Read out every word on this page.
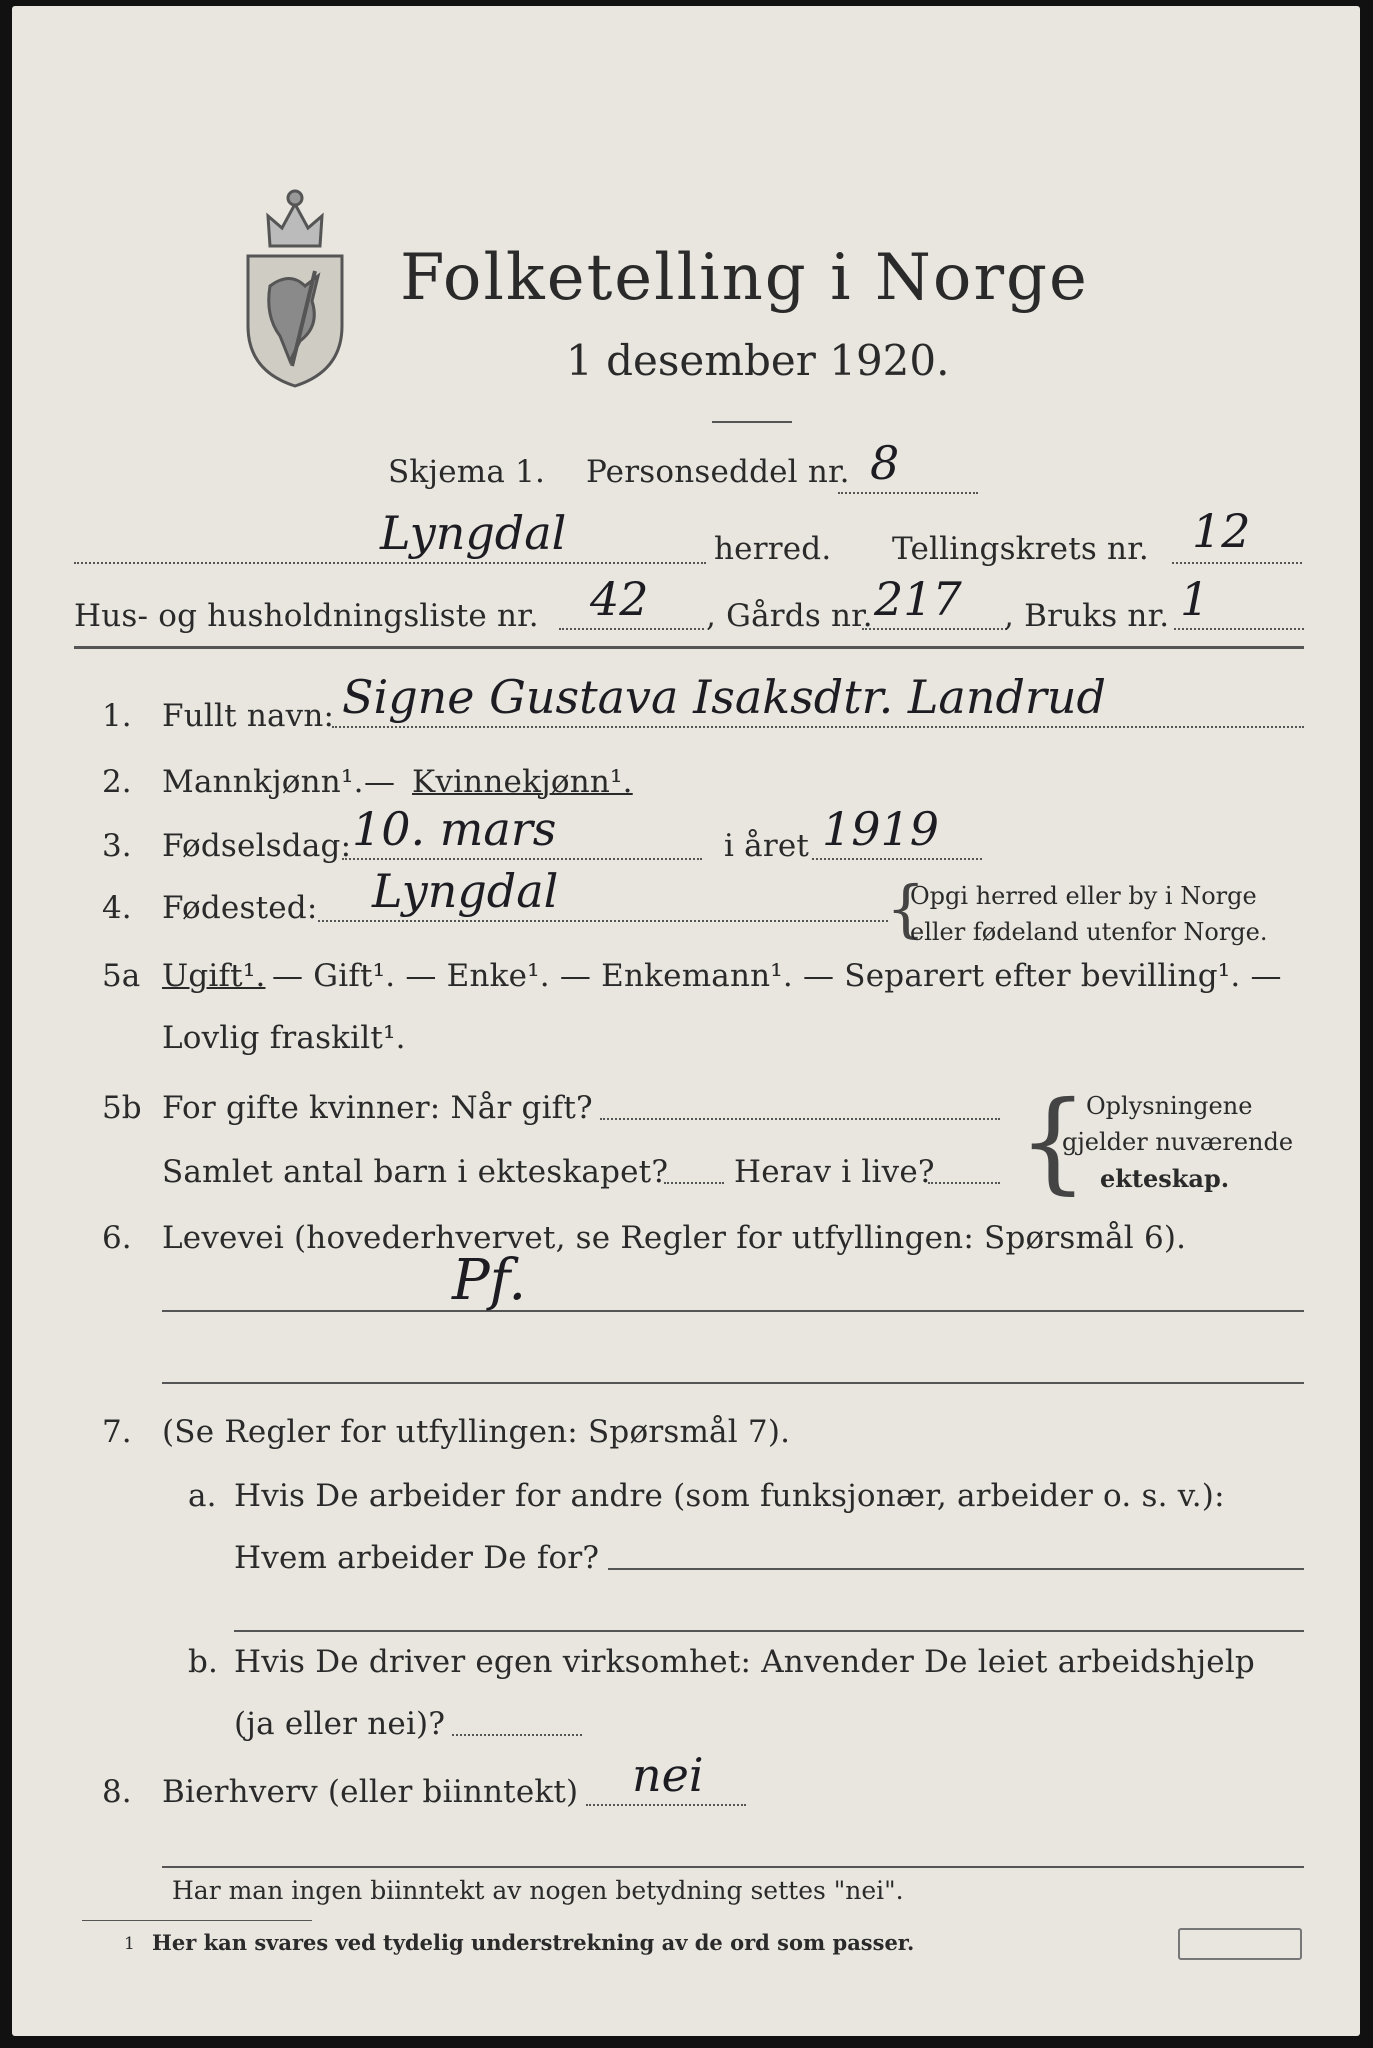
Folketelling i Norge
1 desember 1920.
Skjema 1. Personseddel nr. 8
Lyngdal	herred. Tellingskrets nr. 12
Hus- og husholdningsliste nr. 42 , Gårds nr. 217 , Bruks nr. 1
1. Fullt navn: Signe Gustava Isaksdtr. Landrud
2. Mannkjønn¹. — Kvinnekjønn¹.
3. Fødselsdag: 10. mars	i året 1919
4. Fødested: Lyngdal	{
Opgi herred eller by i Norge
eller fødeland utenfor Norge.
5a Ugift¹. — Gift¹. — Enke¹. — Enkemann¹. — Separert efter bevilling¹. —
Lovlig fraskilt¹.
5b For gifte kvinner: Når gift?
Samlet antal barn i ekteskapet? Herav i live? {
Oplysningene
gjelder nuværende
ekteskap.
6. Levevei (hovederhvervet, se Regler for utfyllingen: Spørsmål 6).
Pf.
7. (Se Regler for utfyllingen: Spørsmål 7).
a. Hvis De arbeider for andre (som funksjonær, arbeider o. s. v.):
Hvem arbeider De for?
b. Hvis De driver egen virksomhet: Anvender De leiet arbeidshjelp
(ja eller nei)?
8. Bierhverv (eller biinntekt) nei
Har man ingen biinntekt av nogen betydning settes "nei".
1 Her kan svares ved tydelig understrekning av de ord som passer.
